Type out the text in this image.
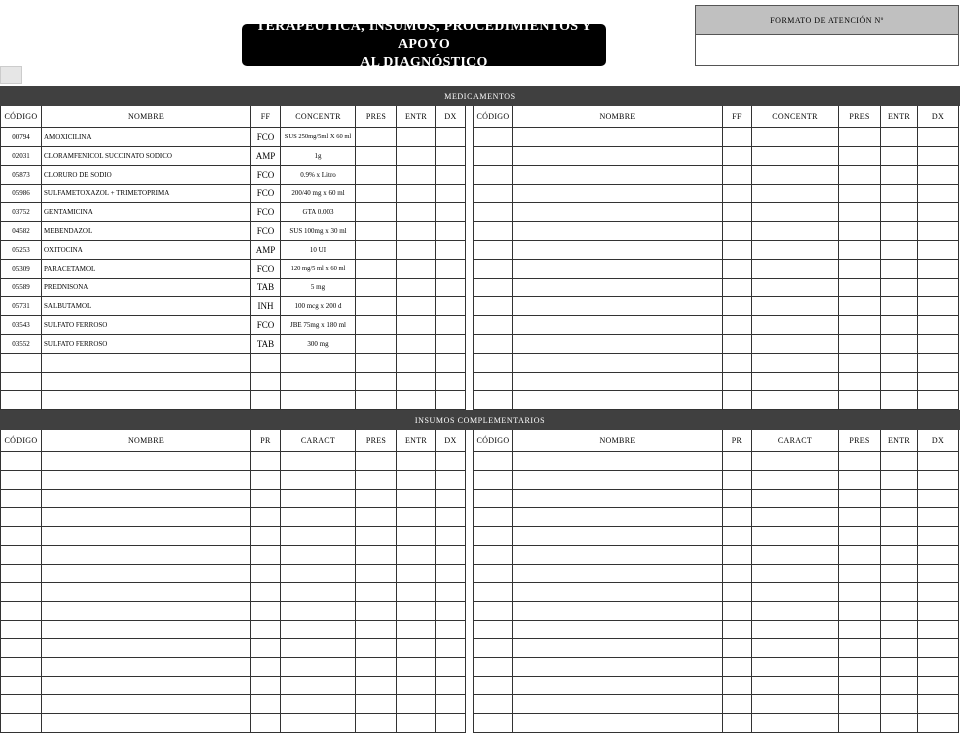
TERAPÉUTICA, INSUMOS, PROCEDIMIENTOS Y APOYO
AL DIAGNÓSTICO
FORMATO DE ATENCIÓN Nº
MEDICAMENTOS
INSUMOS COMPLEMENTARIOS
CÓDIGO	NOMBRE	FF	CONCENTR	PRES	ENTR	DX	CÓDIGO	NOMBRE	FF	CONCENTR	PRES	ENTR	DX
00794	AMOXICILINA	FCO	SUS 250mg/5ml X 60 ml
02031	CLORAMFENICOL SUCCINATO SODICO	AMP	1g
05873	CLORURO DE SODIO	FCO	0.9% x Litro
05986	SULFAMETOXAZOL + TRIMETOPRIMA	FCO	200/40 mg x 60 ml
03752	GENTAMICINA	FCO	GTA 0.003
04582	MEBENDAZOL	FCO	SUS 100mg x 30 ml
05253	OXITOCINA	AMP	10 UI
05309	PARACETAMOL	FCO	120 mg/5 ml x 60 ml
05589	PREDNISONA	TAB	5 mg
05731	SALBUTAMOL	INH	100 mcg x 200 d
03543	SULFATO FERROSO	FCO	JBE 75mg x 180 ml
03552	SULFATO FERROSO	TAB	300 mg
CÓDIGO	NOMBRE	PR	CARACT	PRES	ENTR	DX	CÓDIGO	NOMBRE	PR	CARACT	PRES	ENTR	DX
